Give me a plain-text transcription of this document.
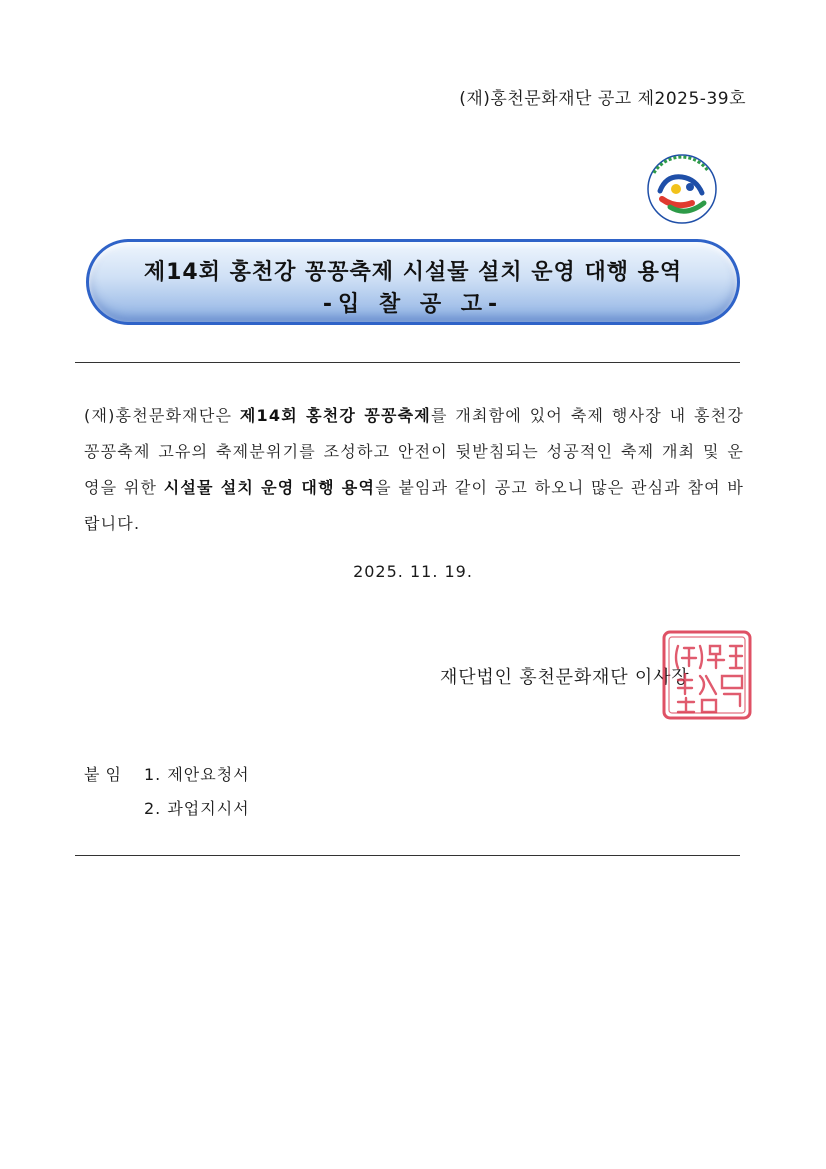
(재)홍천문화재단 공고 제2025-39호
제14회 홍천강 꽁꽁축제 시설물 설치 운영 대행 용역
-입 찰 공 고-
(재)홍천문화재단은 제14회 홍천강 꽁꽁축제를 개최함에 있어 축제 행사장 내 홍천강 꽁꽁축제 고유의 축제분위기를 조성하고 안전이 뒷받침되는 성공적인 축제 개최 및 운영을 위한 시설물 설치 운영 대행 용역을 붙임과 같이 공고 하오니 많은 관심과 참여 바랍니다.
2025. 11. 19.
재단법인 홍천문화재단 이사장
붙임	1. 제안요청서
2. 과업지시서
